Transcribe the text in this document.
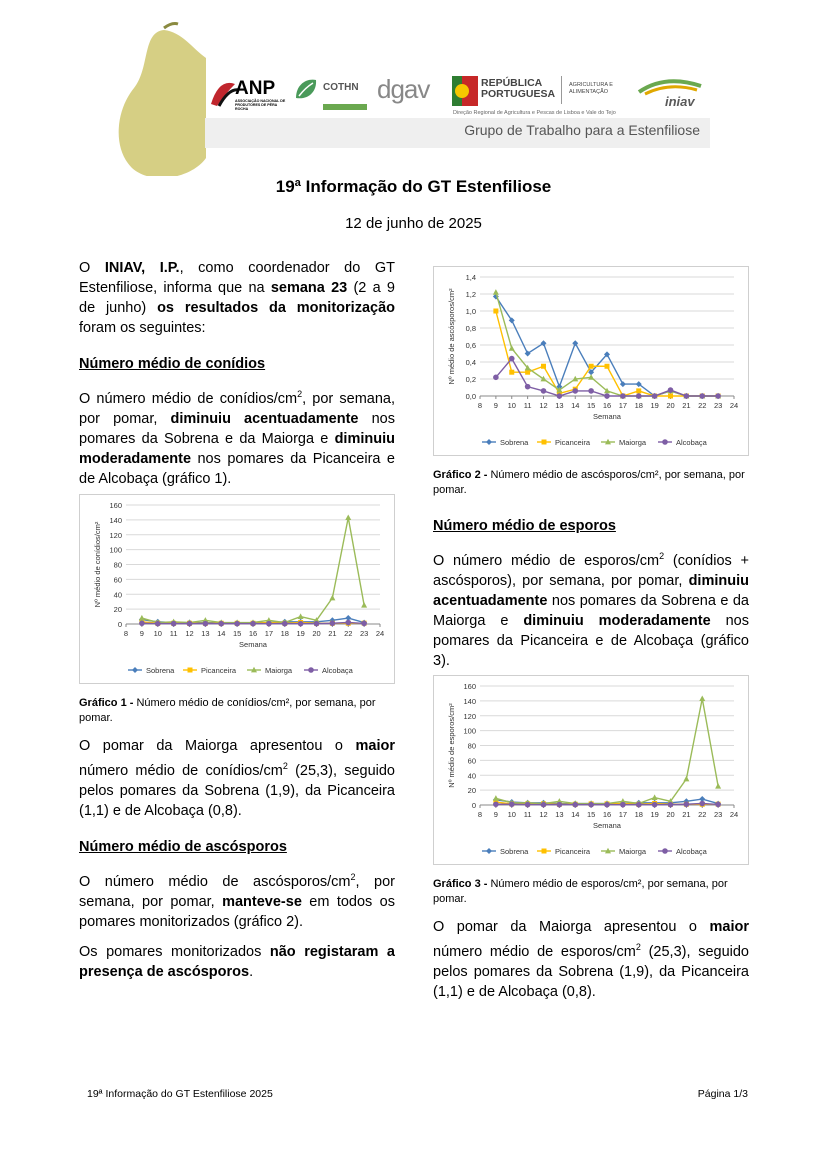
ANP
ASSOCIAÇÃO NACIONAL DE PRODUTORES DE PÊRA ROCHA
COTHN dgav	REPÚBLICA PORTUGUESA
AGRICULTURA E ALIMENTAÇÃO
Direção Regional de Agricultura e Pescas de Lisboa e Vale do Tejo
iniav
Grupo de Trabalho para a Estenfiliose
19ª Informação do GT Estenfiliose
12 de junho de 2025

O INIAV, I.P., como coordenador do GT Estenfiliose, informa que na semana 23 (2 a 9 de junho) os resultados da monitorização foram os seguintes:

Número médio de conídios

O número médio de conídios/$cm^2$, por semana, por pomar, diminuiu acentuadamente nos pomares da Sobrena e da Maiorga e diminuiu moderadamente nos pomares da Picanceira e de Alcobaça (gráfico 1).

0
20
40
60
80
100
120
140
160
8 9 10 11 12 13 14 15 16 17 18 19 20 21 22 23 24
Semana
Nº médio de conídios/cm²
Sobrena	Picanceira	Maiorga	Alcobaça
Gráfico 1 - Número médio de conídios/cm², por semana, por pomar.

O pomar da Maiorga apresentou o maior número médio de conídios/$cm^2$ (25,3), seguido pelos pomares da Sobrena (1,9), da Picanceira (1,1) e de Alcobaça (0,8).

Número médio de ascósporos

O número médio de ascósporos/$cm^2$, por semana, por pomar, manteve-se em todos os pomares monitorizados (gráfico 2).

Os pomares monitorizados não registaram a presença de ascósporos.

0,0
0,2
0,4
0,6
0,8
1,0
1,2
1,4
8 9 10 11 12 13 14 15 16 17 18 19 20 21 22 23 24
Semana
Nº médio de ascósporos/cm²
Sobrena	Picanceira	Maiorga	Alcobaça
Gráfico 2 - Número médio de ascósporos/cm², por semana, por pomar.

Número médio de esporos

O número médio de esporos/$cm^2$ (conídios + ascósporos), por semana, por pomar, diminuiu acentuadamente nos pomares da Sobrena e da Maiorga e diminuiu moderadamente nos pomares da Picanceira e de Alcobaça (gráfico 3).

0
20
40
60
80
100
120
140
160
8 9 10 11 12 13 14 15 16 17 18 19 20 21 22 23 24
Semana
Nº médio de esporos/cm²
Sobrena	Picanceira	Maiorga	Alcobaça
Gráfico 3 - Número médio de esporos/cm², por semana, por pomar.

O pomar da Maiorga apresentou o maior número médio de esporos/$cm^2$ (25,3), seguido pelos pomares da Sobrena (1,9), da Picanceira (1,1) e de Alcobaça (0,8).

19ª Informação do GT Estenfiliose 2025	Página 1/3
